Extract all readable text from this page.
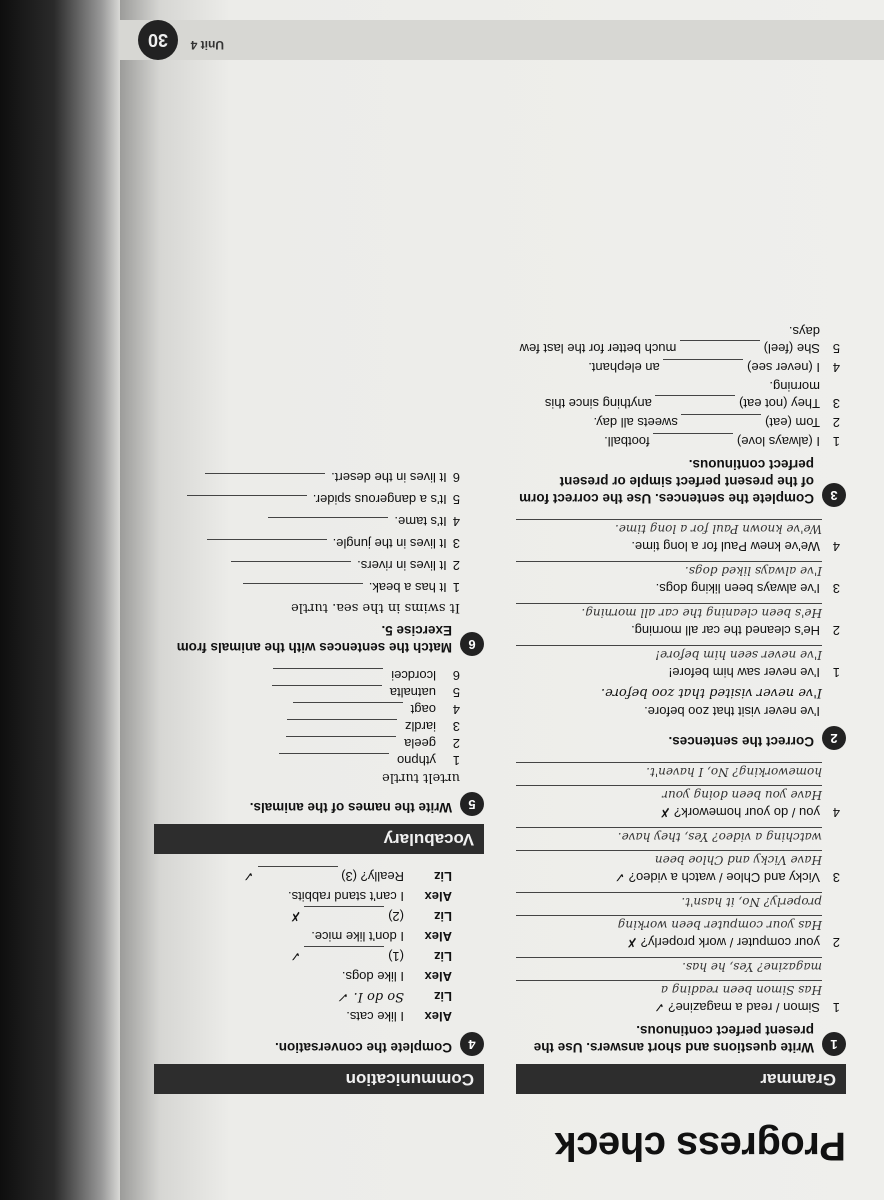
Progress check
Grammar
1
Write questions and short answers. Use the present perfect continuous.
1
Simon / read a magazine? ✓
Has Simon been reading a
magazine? Yes, he has.
2
your computer / work properly? ✗
Has your computer been working
properly? No, it hasn't.
3
Vicky and Chloe / watch a video? ✓
Have Vicky and Chloe been
watching a video? Yes, they have.
4
you / do your homework? ✗
Have you been doing your
homeworking? No, I haven't.
2
Correct the sentences.
I've never visit that zoo before.
I've never visited that zoo before.
1
I've never saw him before!
I've never seen him before!
2
He's cleaned the car all morning.
He's been cleaning the car all morning.
3
I've always been liking dogs.
I've always liked dogs.
4
We've knew Paul for a long time.
We've known Paul for a long time.
3
Complete the sentences. Use the correct form of the present perfect simple or present perfect continuous.
1
I (always love)  football.
2
Tom (eat)  sweets all day.
3
They (not eat)  anything since this morning.
4
I (never see)  an elephant.
5
She (feel)  much better for the last few days.
Communication
4
Complete the conversation.
Alex
I like cats.
Liz
So do I. ✓
Alex
I like dogs.
Liz
(1)  ✓
Alex
I don't like mice.
Liz
(2)  ✗
Alex
I can't stand rabbits.
Liz
Really? (3)  ✓
Vocabulary
5
Write the names of the animals.
urtelt turtle
1
ythpno
2
geela
3
iardlz
4
oagt
5
uatnalta
6
lcordcei
6
Match the sentences with the animals from Exercise 5.
It swims in the sea. turtle
1
It has a beak.
2
It lives in rivers.
3
It lives in the jungle.
4
It's tame.
5
It's a dangerous spider.
6
It lives in the desert.
Unit 4
30
